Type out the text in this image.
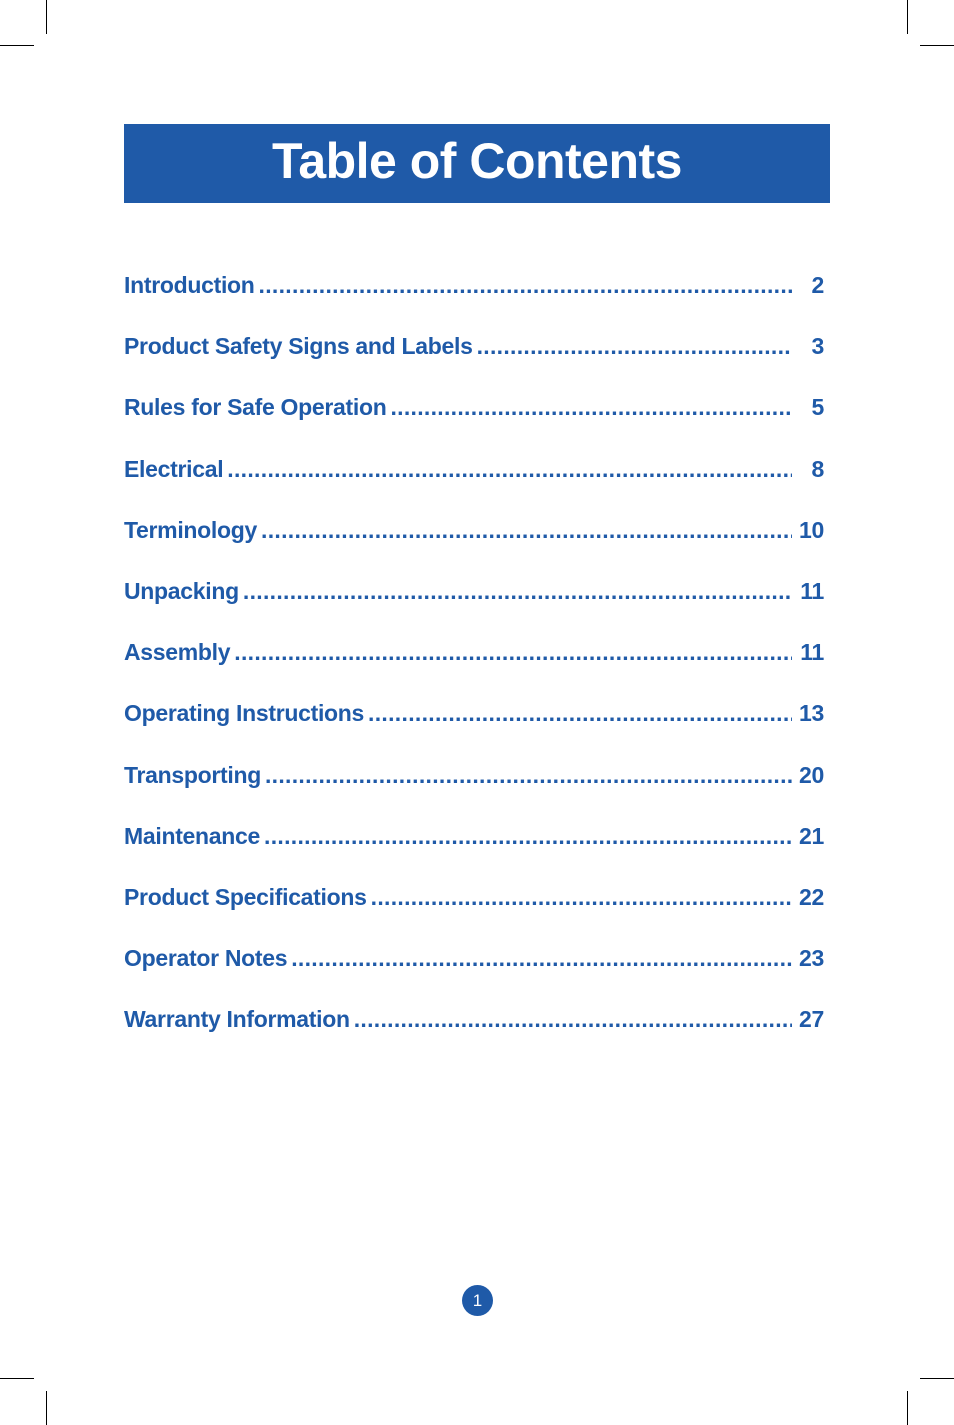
Table of Contents
Introduction .....	2
Product Safety Signs and Labels .....	3
Rules for Safe Operation .....	5
Electrical .....	8
Terminology .....	10
Unpacking .....	11
Assembly .....	11
Operating Instructions .....	13
Transporting .....	20
Maintenance .....	21
Product Specifications .....	22
Operator Notes .....	23
Warranty Information .....	27
1
